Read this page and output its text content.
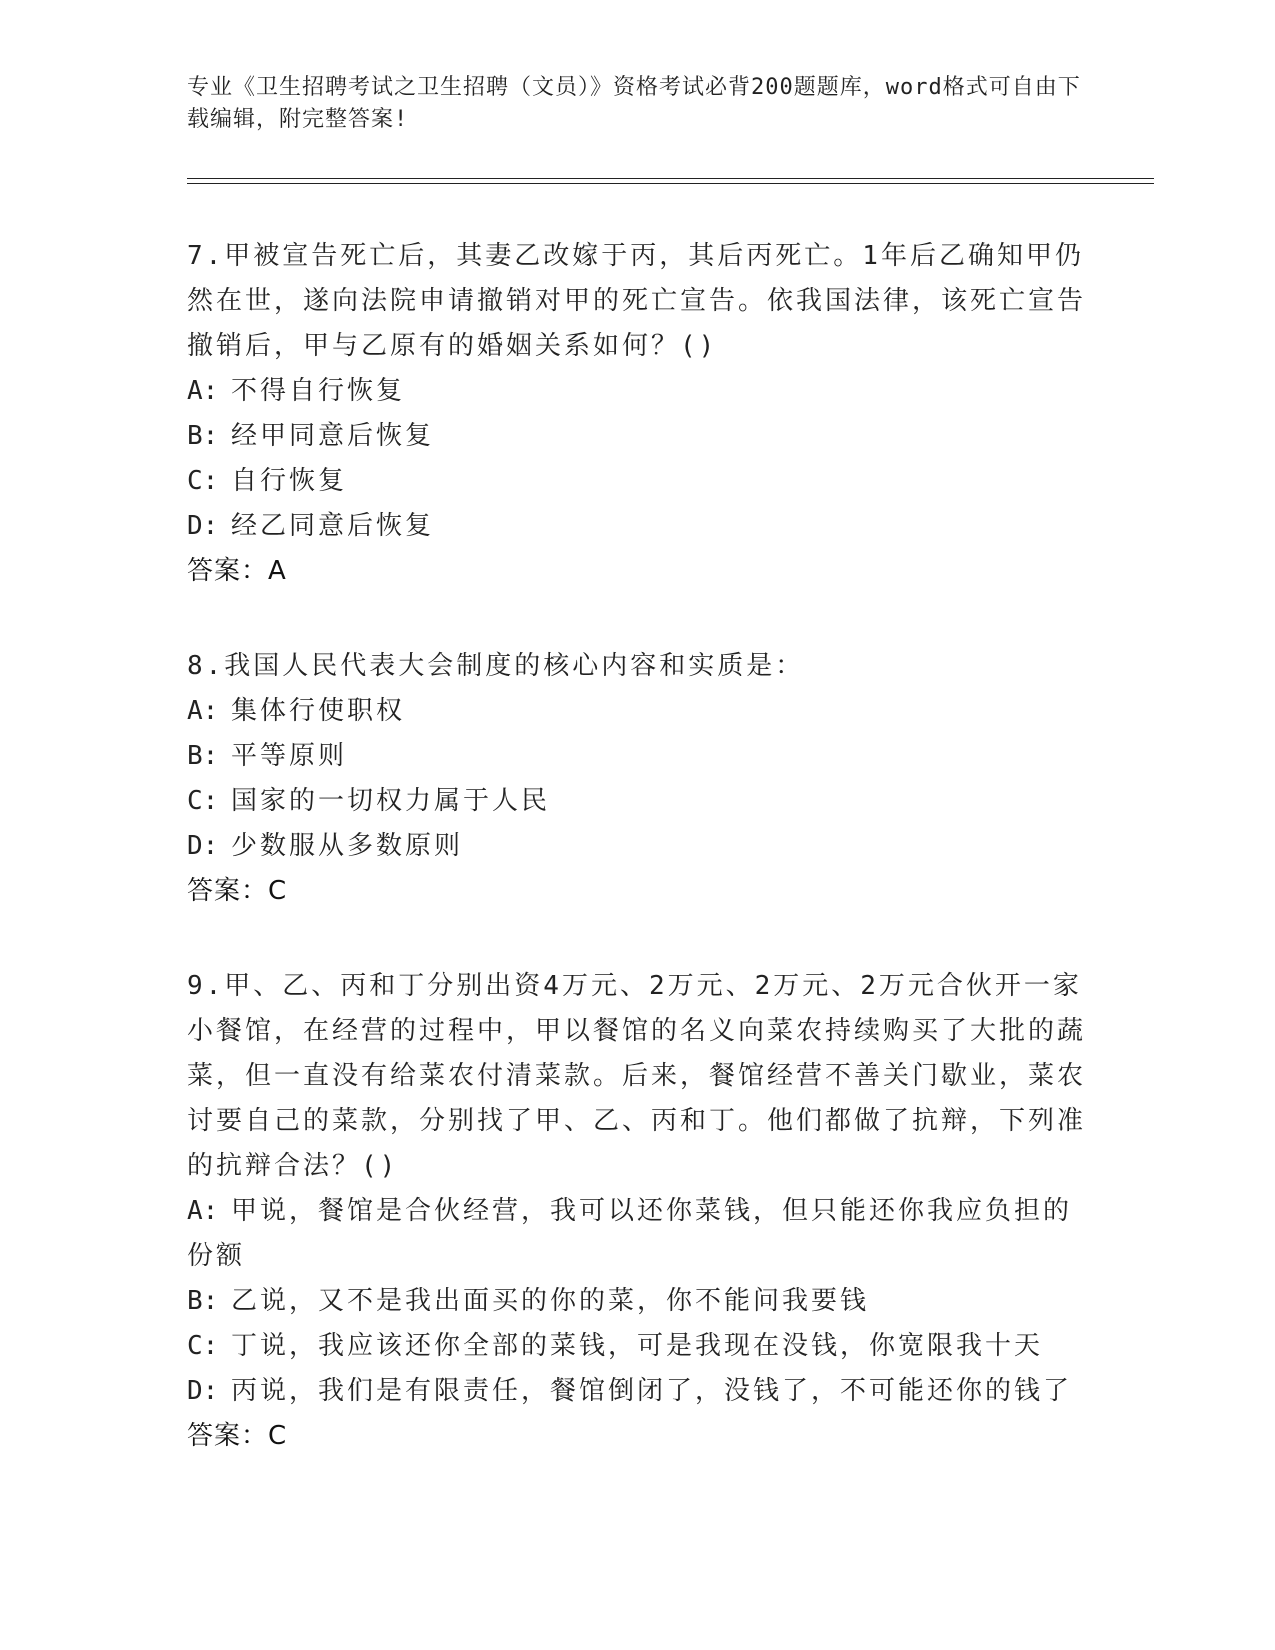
专业《卫生招聘考试之卫生招聘（文员）》资格考试必背200题题库，word格式可自由下载编辑，附完整答案!

7.甲被宣告死亡后，其妻乙改嫁于丙，其后丙死亡。1年后乙确知甲仍然在世，遂向法院申请撤销对甲的死亡宣告。依我国法律，该死亡宣告撤销后，甲与乙原有的婚姻关系如何？()

A: 不得自行恢复

B: 经甲同意后恢复

C: 自行恢复

D: 经乙同意后恢复

答案：A

8.我国人民代表大会制度的核心内容和实质是：

A: 集体行使职权

B: 平等原则

C: 国家的一切权力属于人民

D: 少数服从多数原则

答案：C

9.甲、乙、丙和丁分别出资4万元、2万元、2万元、2万元合伙开一家小餐馆，在经营的过程中，甲以餐馆的名义向菜农持续购买了大批的蔬菜，但一直没有给菜农付清菜款。后来，餐馆经营不善关门歇业，菜农讨要自己的菜款，分别找了甲、乙、丙和丁。他们都做了抗辩，下列准的抗辩合法？()

A: 甲说，餐馆是合伙经营，我可以还你菜钱，但只能还你我应负担的份额

B: 乙说，又不是我出面买的你的菜，你不能问我要钱

C: 丁说，我应该还你全部的菜钱，可是我现在没钱，你宽限我十天

D: 丙说，我们是有限责任，餐馆倒闭了，没钱了，不可能还你的钱了

答案：C
